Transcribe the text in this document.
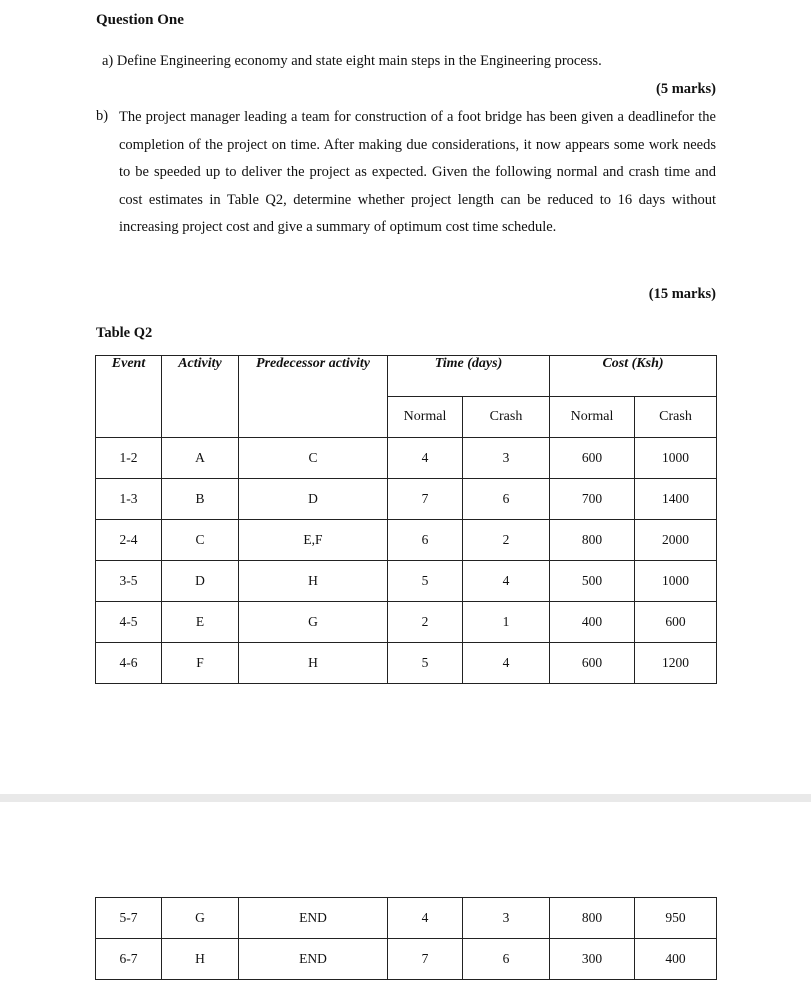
Question One
a) Define Engineering economy and state eight main steps in the Engineering process.
(5 marks)
b) The project manager leading a team for construction of a foot bridge has been given a deadlinefor the completion of the project on time. After making due considerations, it now appears some work needs to be speeded up to deliver the project as expected. Given the following normal and crash time and cost estimates in Table Q2, determine whether project length can be reduced to 16 days without increasing project cost and give a summary of optimum cost time schedule.
(15 marks)
Table Q2
Event	Activity	Predecessor activity	Time (days)		Cost (Ksh)	
			Normal	Crash	Normal	Crash
1-2	A	C	4	3	600	1000
1-3	B	D	7	6	700	1400
2-4	C	E,F	6	2	800	2000
3-5	D	H	5	4	500	1000
4-5	E	G	2	1	400	600
4-6	F	H	5	4	600	1200
5-7	G	END	4	3	800	950
6-7	H	END	7	6	300	400
